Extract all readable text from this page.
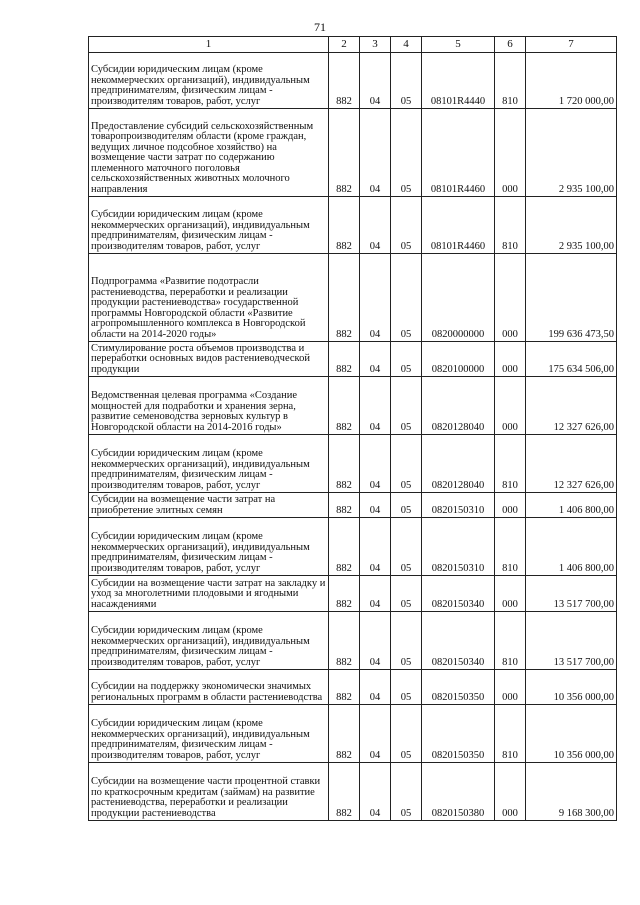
71
1	2	3	4	5	6	7
Субсидии юридическим лицам (кроме некоммерческих организаций), индивидуальным предпринимателям, физическим лицам - производителям товаров, работ, услуг	882	04	05	08101R4440	810	1 720 000,00
Предоставление субсидий сельскохозяйственным товаропроизводителям области (кроме граждан, ведущих личное подсобное хозяйство) на возмещение части затрат по содержанию племенного маточного поголовья сельскохозяйственных животных молочного направления	882	04	05	08101R4460	000	2 935 100,00
Субсидии юридическим лицам (кроме некоммерческих организаций), индивидуальным предпринимателям, физическим лицам - производителям товаров, работ, услуг	882	04	05	08101R4460	810	2 935 100,00
Подпрограмма «Развитие подотрасли растениеводства, переработки и реализации продукции растениеводства» государственной программы Новгородской области «Развитие агропромышленного комплекса в Новгородской области на 2014-2020 годы»	882	04	05	0820000000	000	199 636 473,50
Стимулирование роста объемов производства и переработки основных видов растениеводческой продукции	882	04	05	0820100000	000	175 634 506,00
Ведомственная целевая программа «Создание мощностей для подработки и хранения зерна, развитие семеноводства зерновых культур в Новгородской области на 2014-2016 годы»	882	04	05	0820128040	000	12 327 626,00
Субсидии юридическим лицам (кроме некоммерческих организаций), индивидуальным предпринимателям, физическим лицам - производителям товаров, работ, услуг	882	04	05	0820128040	810	12 327 626,00
Субсидии на возмещение части затрат на приобретение элитных семян	882	04	05	0820150310	000	1 406 800,00
Субсидии юридическим лицам (кроме некоммерческих организаций), индивидуальным предпринимателям, физическим лицам - производителям товаров, работ, услуг	882	04	05	0820150310	810	1 406 800,00
Субсидии на возмещение части затрат на закладку и уход за многолетними плодовыми и ягодными насаждениями	882	04	05	0820150340	000	13 517 700,00
Субсидии юридическим лицам (кроме некоммерческих организаций), индивидуальным предпринимателям, физическим лицам - производителям товаров, работ, услуг	882	04	05	0820150340	810	13 517 700,00
Субсидии на поддержку экономически значимых региональных программ в области растениеводства	882	04	05	0820150350	000	10 356 000,00
Субсидии юридическим лицам (кроме некоммерческих организаций), индивидуальным предпринимателям, физическим лицам - производителям товаров, работ, услуг	882	04	05	0820150350	810	10 356 000,00
Субсидии на возмещение части процентной ставки по краткосрочным кредитам (займам) на развитие растениеводства, переработки и реализации продукции растениеводства	882	04	05	0820150380	000	9 168 300,00
